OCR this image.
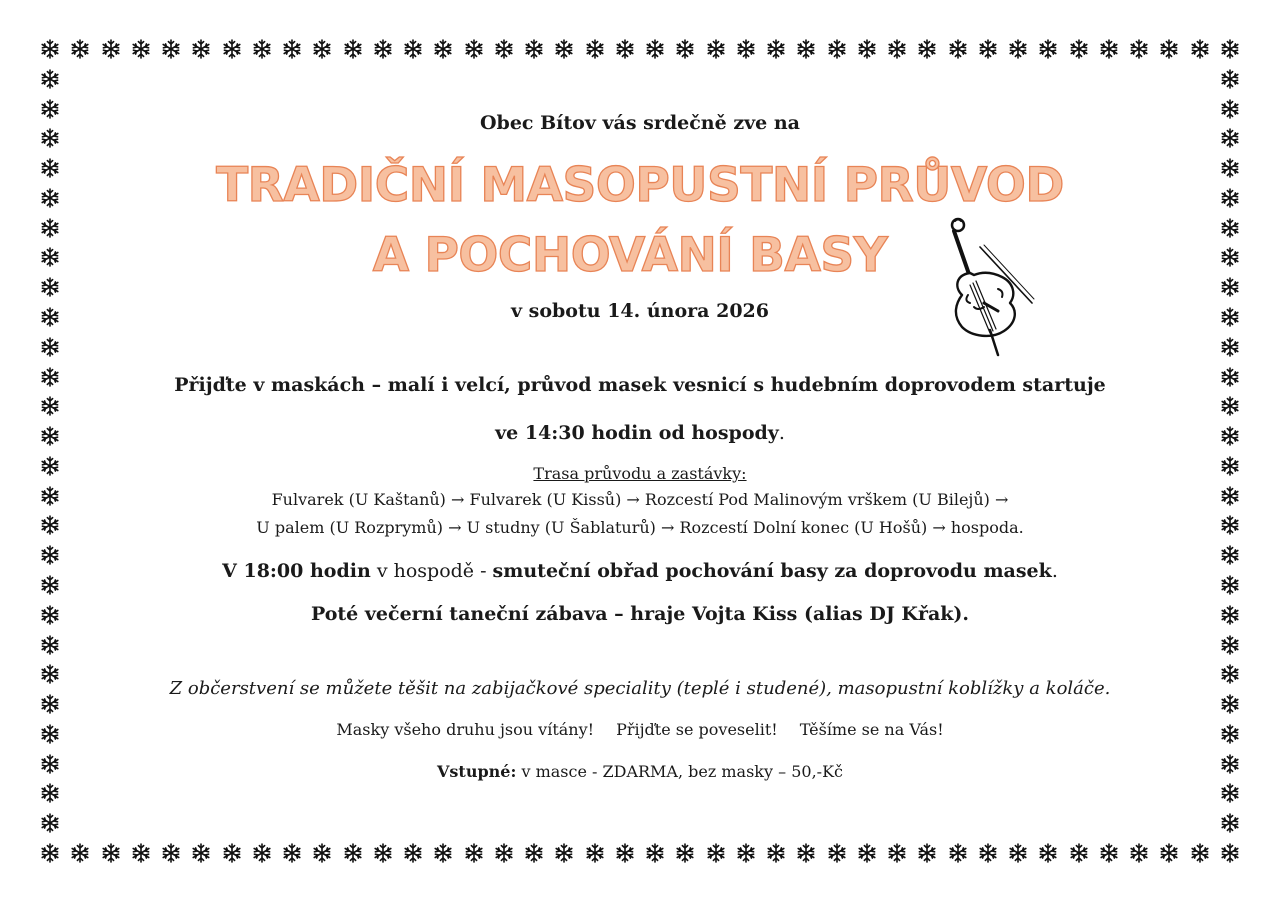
Obec Bítov vás srdečně zve na
TRADIČNÍ MASOPUSTNÍ PRŮVOD
A POCHOVÁNÍ BASY
v sobotu 14. února 2026
Přijďte v maskách – malí i velcí, průvod masek vesnicí s hudebním doprovodem startuje
ve 14:30 hodin od hospody.
Trasa průvodu a zastávky:
Fulvarek (U Kaštanů) → Fulvarek (U Kissů) → Rozcestí Pod Malinovým vrškem (U Bilejů) →
U palem (U Rozprymů) → U studny (U Šablaturů) → Rozcestí Dolní konec (U Hošů) → hospoda.
V 18:00 hodin v hospodě - smuteční obřad pochování basy za doprovodu masek.
Poté večerní taneční zábava – hraje Vojta Kiss (alias DJ Křak).
Z občerstvení se můžete těšit na zabijačkové speciality (teplé i studené), masopustní koblížky a koláče.
Masky všeho druhu jsou vítány! Přijďte se poveselit! Těšíme se na Vás!
Vstupné: v masce - ZDARMA, bez masky – 50,-Kč
